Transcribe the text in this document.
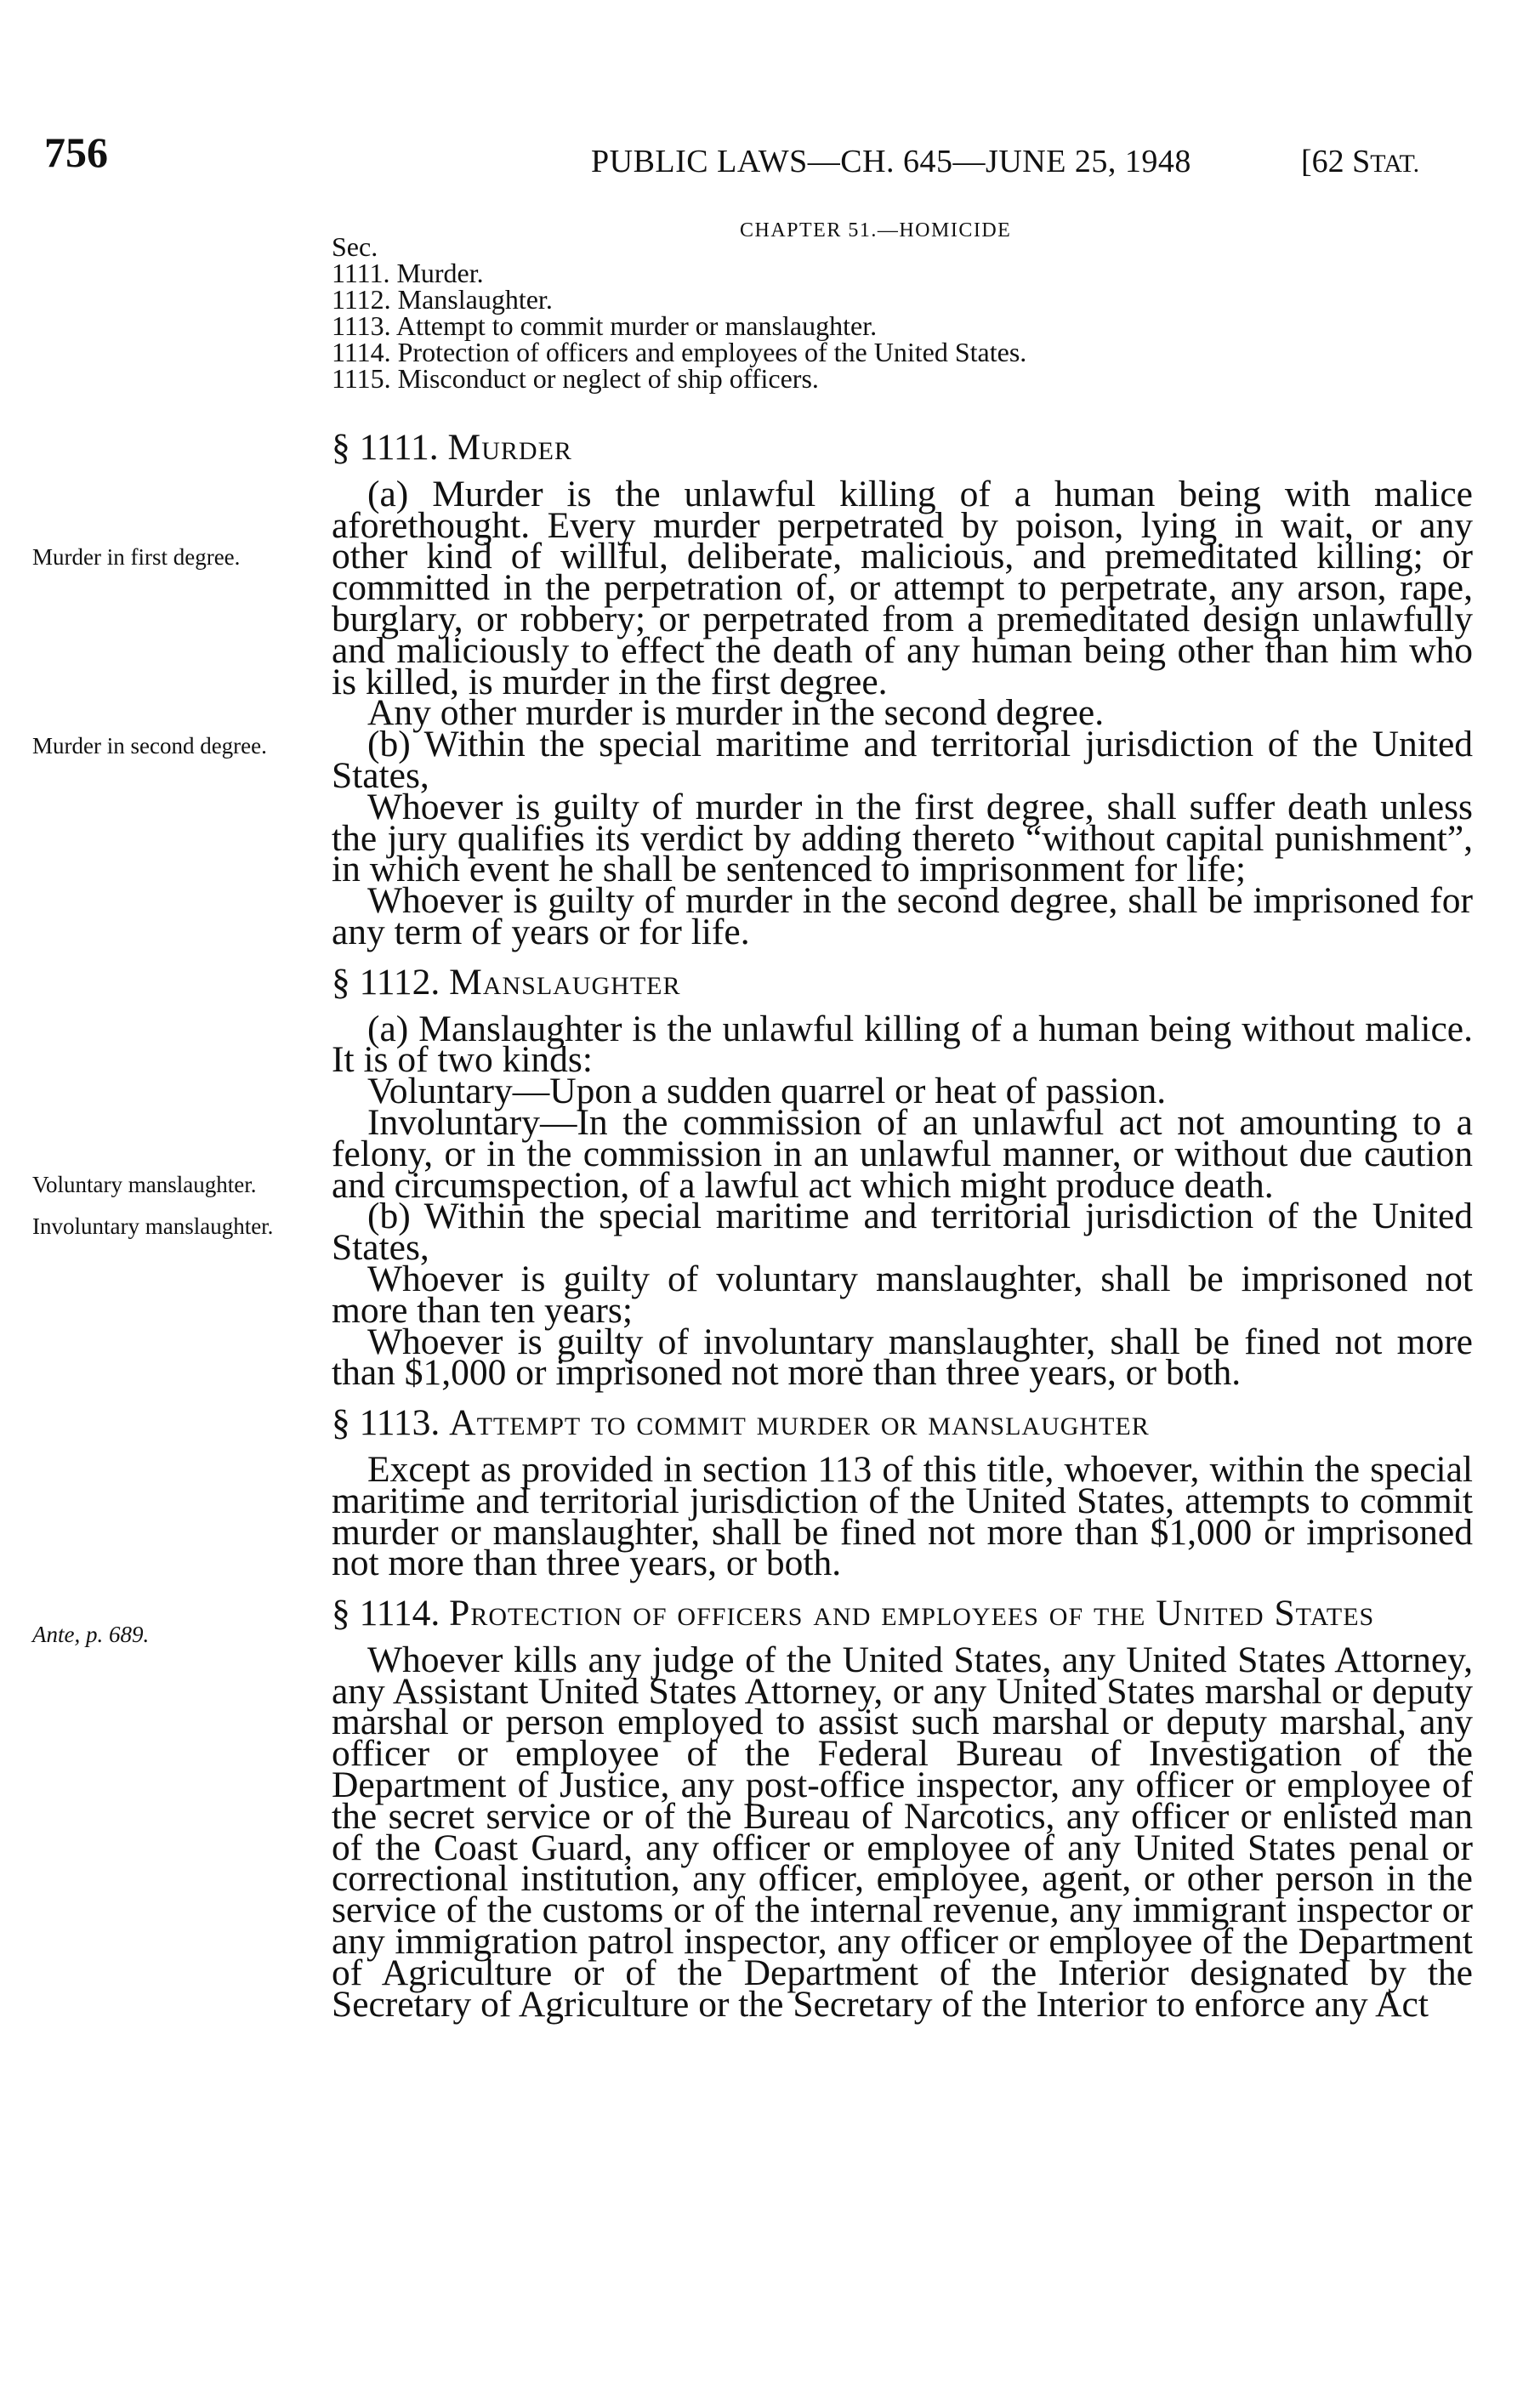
756	PUBLIC LAWS—CH. 645—JUNE 25, 1948	[62 STAT.
CHAPTER 51.—HOMICIDE
Sec.
1111. Murder.
1112. Manslaughter.
1113. Attempt to commit murder or manslaughter.
1114. Protection of officers and employees of the United States.
1115. Misconduct or neglect of ship officers.
Murder in first degree.
Murder in second degree.
Voluntary manslaughter.
Involuntary manslaughter.
Ante, p. 689.

§ 1111. Murder

(a) Murder is the unlawful killing of a human being with malice aforethought. Every murder perpetrated by poison, lying in wait, or any other kind of willful, deliberate, malicious, and premeditated killing; or committed in the perpetration of, or attempt to perpetrate, any arson, rape, burglary, or robbery; or perpetrated from a premeditated design unlawfully and maliciously to effect the death of any human being other than him who is killed, is murder in the first degree.

Any other murder is murder in the second degree.

(b) Within the special maritime and territorial jurisdiction of the United States,

Whoever is guilty of murder in the first degree, shall suffer death unless the jury qualifies its verdict by adding thereto “without capital punishment”, in which event he shall be sentenced to imprisonment for life;

Whoever is guilty of murder in the second degree, shall be imprisoned for any term of years or for life.

§ 1112. Manslaughter

(a) Manslaughter is the unlawful killing of a human being without malice. It is of two kinds:

Voluntary—Upon a sudden quarrel or heat of passion.

Involuntary—In the commission of an unlawful act not amounting to a felony, or in the commission in an unlawful manner, or without due caution and circumspection, of a lawful act which might produce death.

(b) Within the special maritime and territorial jurisdiction of the United States,

Whoever is guilty of voluntary manslaughter, shall be imprisoned not more than ten years;

Whoever is guilty of involuntary manslaughter, shall be fined not more than $1,000 or imprisoned not more than three years, or both.

§ 1113. Attempt to commit murder or manslaughter

Except as provided in section 113 of this title, whoever, within the special maritime and territorial jurisdiction of the United States, attempts to commit murder or manslaughter, shall be fined not more than $1,000 or imprisoned not more than three years, or both.

§ 1114. Protection of officers and employees of the United States

Whoever kills any judge of the United States, any United States Attorney, any Assistant United States Attorney, or any United States marshal or deputy marshal or person employed to assist such marshal or deputy marshal, any officer or employee of the Federal Bureau of Investigation of the Department of Justice, any post-office inspector, any officer or employee of the secret service or of the Bureau of Narcotics, any officer or enlisted man of the Coast Guard, any officer or employee of any United States penal or correctional institution, any officer, employee, agent, or other person in the service of the customs or of the internal revenue, any immigrant inspector or any immigration patrol inspector, any officer or employee of the Department of Agriculture or of the Department of the Interior designated by the Secretary of Agriculture or the Secretary of the Interior to enforce any Act
